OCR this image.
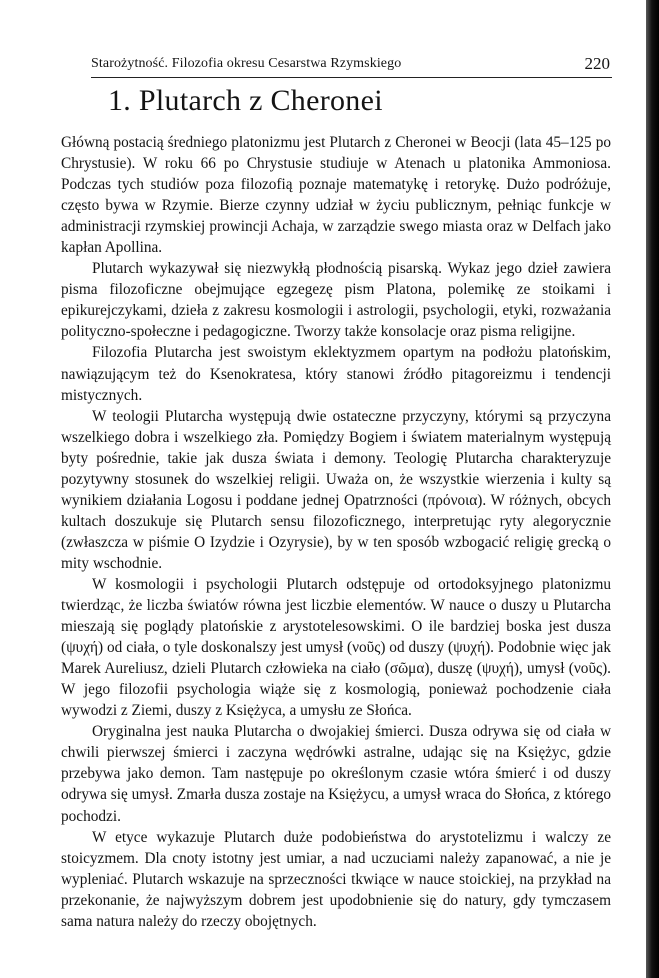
Starożytność. Filozofia okresu Cesarstwa Rzymskiego	220
1. Plutarch z Cheronei

Główną postacią średniego platonizmu jest Plutarch z Cheronei w Beocji (lata 45–125 po Chrystusie). W roku 66 po Chrystusie studiuje w Atenach u platonika Ammoniosa. Podczas tych studiów poza filozofią poznaje matematykę i retorykę. Dużo podróżuje, często bywa w Rzymie. Bierze czynny udział w życiu publicznym, pełniąc funkcje w administracji rzymskiej prowincji Achaja, w zarządzie swego miasta oraz w Delfach jako kapłan Apollina.

Plutarch wykazywał się niezwykłą płodnością pisarską. Wykaz jego dzieł zawiera pisma filozoficzne obejmujące egzegezę pism Platona, polemikę ze stoikami i epikurejczykami, dzieła z zakresu kosmologii i astrologii, psychologii, etyki, rozważania polityczno-społeczne i pedagogiczne. Tworzy także konsolacje oraz pisma religijne.

Filozofia Plutarcha jest swoistym eklektyzmem opartym na podłożu platońskim, nawiązującym też do Ksenokratesa, który stanowi źródło pitagoreizmu i tendencji mistycznych.

W teologii Plutarcha występują dwie ostateczne przyczyny, którymi są przyczyna wszelkiego dobra i wszelkiego zła. Pomiędzy Bogiem i światem materialnym występują byty pośrednie, takie jak dusza świata i demony. Teologię Plutarcha charakteryzuje pozytywny stosunek do wszelkiej religii. Uważa on, że wszystkie wierzenia i kulty są wynikiem działania Logosu i poddane jednej Opatrzności (πρόνοια). W różnych, obcych kultach doszukuje się Plutarch sensu filozoficznego, interpretując ryty alegorycznie (zwłaszcza w piśmie O Izydzie i Ozyrysie), by w ten sposób wzbogacić religię grecką o mity wschodnie.

W kosmologii i psychologii Plutarch odstępuje od ortodoksyjnego platonizmu twierdząc, że liczba światów równa jest liczbie elementów. W nauce o duszy u Plutarcha mieszają się poglądy platońskie z arystotelesowskimi. O ile bardziej boska jest dusza (ψυχή) od ciała, o tyle doskonalszy jest umysł (νοῦς) od duszy (ψυχή). Podobnie więc jak Marek Aureliusz, dzieli Plutarch człowieka na ciało (σῶμα), duszę (ψυχή), umysł (νοῦς). W jego filozofii psychologia wiąże się z kosmologią, ponieważ pochodzenie ciała wywodzi z Ziemi, duszy z Księżyca, a umysłu ze Słońca.

Oryginalna jest nauka Plutarcha o dwojakiej śmierci. Dusza odrywa się od ciała w chwili pierwszej śmierci i zaczyna wędrówki astralne, udając się na Księżyc, gdzie przebywa jako demon. Tam następuje po określonym czasie wtóra śmierć i od duszy odrywa się umysł. Zmarła dusza zostaje na Księżycu, a umysł wraca do Słońca, z którego pochodzi.

W etyce wykazuje Plutarch duże podobieństwa do arystotelizmu i walczy ze stoicyzmem. Dla cnoty istotny jest umiar, a nad uczuciami należy zapanować, a nie je wypleniać. Plutarch wskazuje na sprzeczności tkwiące w nauce stoickiej, na przykład na przekonanie, że najwyższym dobrem jest upodobnienie się do natury, gdy tymczasem sama natura należy do rzeczy obojętnych.
